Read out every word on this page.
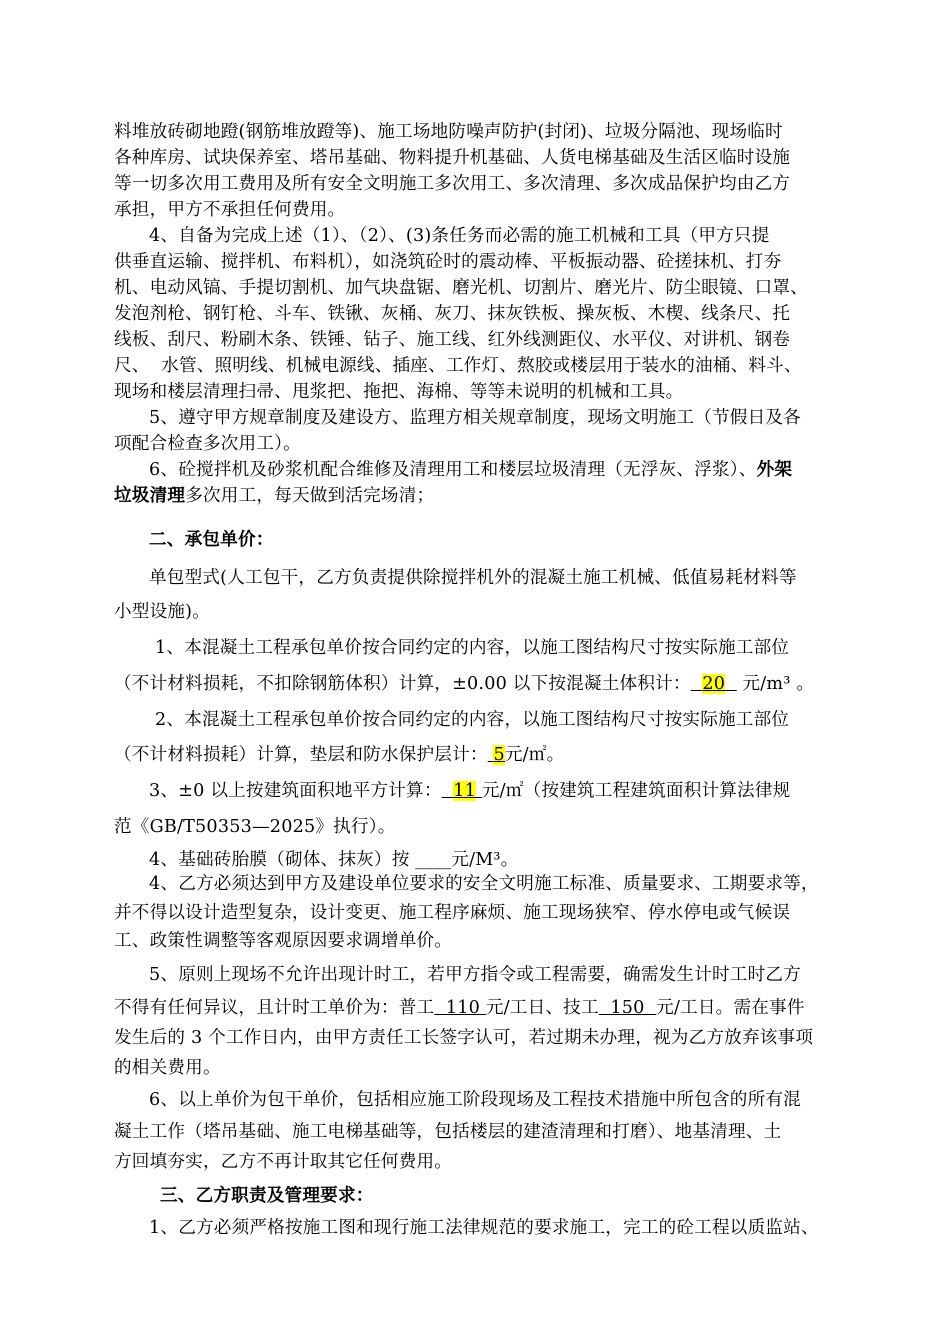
料堆放砖砌地蹬(钢筋堆放蹬等)、施工场地防噪声防护(封闭)、垃圾分隔池、现场临时
各种库房、试块保养室、塔吊基础、物料提升机基础、人货电梯基础及生活区临时设施
等一切多次用工费用及所有安全文明施工多次用工、多次清理、多次成品保护均由乙方
承担，甲方不承担任何费用。
4、自备为完成上述（1）、（2）、(3)条任务而必需的施工机械和工具（甲方只提
供垂直运输、搅拌机、布料机），如浇筑砼时的震动棒、平板振动器、砼搓抹机、打夯
机、电动风镐、手提切割机、加气块盘锯、磨光机、切割片、磨光片、防尘眼镜、口罩、
发泡剂枪、钢钉枪、斗车、铁锹、灰桶、灰刀、抹灰铁板、操灰板、木楔、线条尺、托
线板、刮尺、粉刷木条、铁锤、钻子、施工线、红外线测距仪、水平仪、对讲机、钢卷
尺、  水管、照明线、机械电源线、插座、工作灯、熬胶或楼层用于装水的油桶、料斗、
现场和楼层清理扫帚、甩浆把、拖把、海棉、等等未说明的机械和工具。
5、遵守甲方规章制度及建设方、监理方相关规章制度，现场文明施工（节假日及各
项配合检查多次用工）。
6、砼搅拌机及砂浆机配合维修及清理用工和楼层垃圾清理（无浮灰、浮浆）、外架
垃圾清理多次用工，每天做到活完场清；
二、承包单价：
单包型式(人工包干，乙方负责提供除搅拌机外的混凝土施工机械、低值易耗材料等
小型设施)。
1、本混凝土工程承包单价按合同约定的内容，以施工图结构尺寸按实际施工部位
（不计材料损耗，不扣除钢筋体积）计算，±0.00 以下按混凝土体积计： 20   元/m³ 。
2、本混凝土工程承包单价按合同约定的内容，以施工图结构尺寸按实际施工部位
（不计材料损耗）计算，垫层和防水保护层计： 5元/㎡。
3、±0 以上按建筑面积地平方计算： 11 元/㎡（按建筑工程建筑面积计算法律规
范《GB/T50353—2025》执行）。
4、基础砖胎膜（砌体、抹灰）按 ____元/M³。
4、乙方必须达到甲方及建设单位要求的安全文明施工标准、质量要求、工期要求等，
并不得以设计造型复杂，设计变更、施工程序麻烦、施工现场狭窄、停水停电或气候误
工、政策性调整等客观原因要求调增单价。
5、原则上现场不允许出现计时工，若甲方指令或工程需要，确需发生计时工时乙方
不得有任何异议，且计时工单价为：普工 110 元/工日、技工 150 元/工日。需在事件
发生后的 3 个工作日内，由甲方责任工长签字认可，若过期未办理，视为乙方放弃该事项
的相关费用。
6、以上单价为包干单价，包括相应施工阶段现场及工程技术措施中所包含的所有混
凝土工作（塔吊基础、施工电梯基础等，包括楼层的建渣清理和打磨）、地基清理、土
方回填夯实，乙方不再计取其它任何费用。
三、乙方职责及管理要求：
1、乙方必须严格按施工图和现行施工法律规范的要求施工，完工的砼工程以质监站、
